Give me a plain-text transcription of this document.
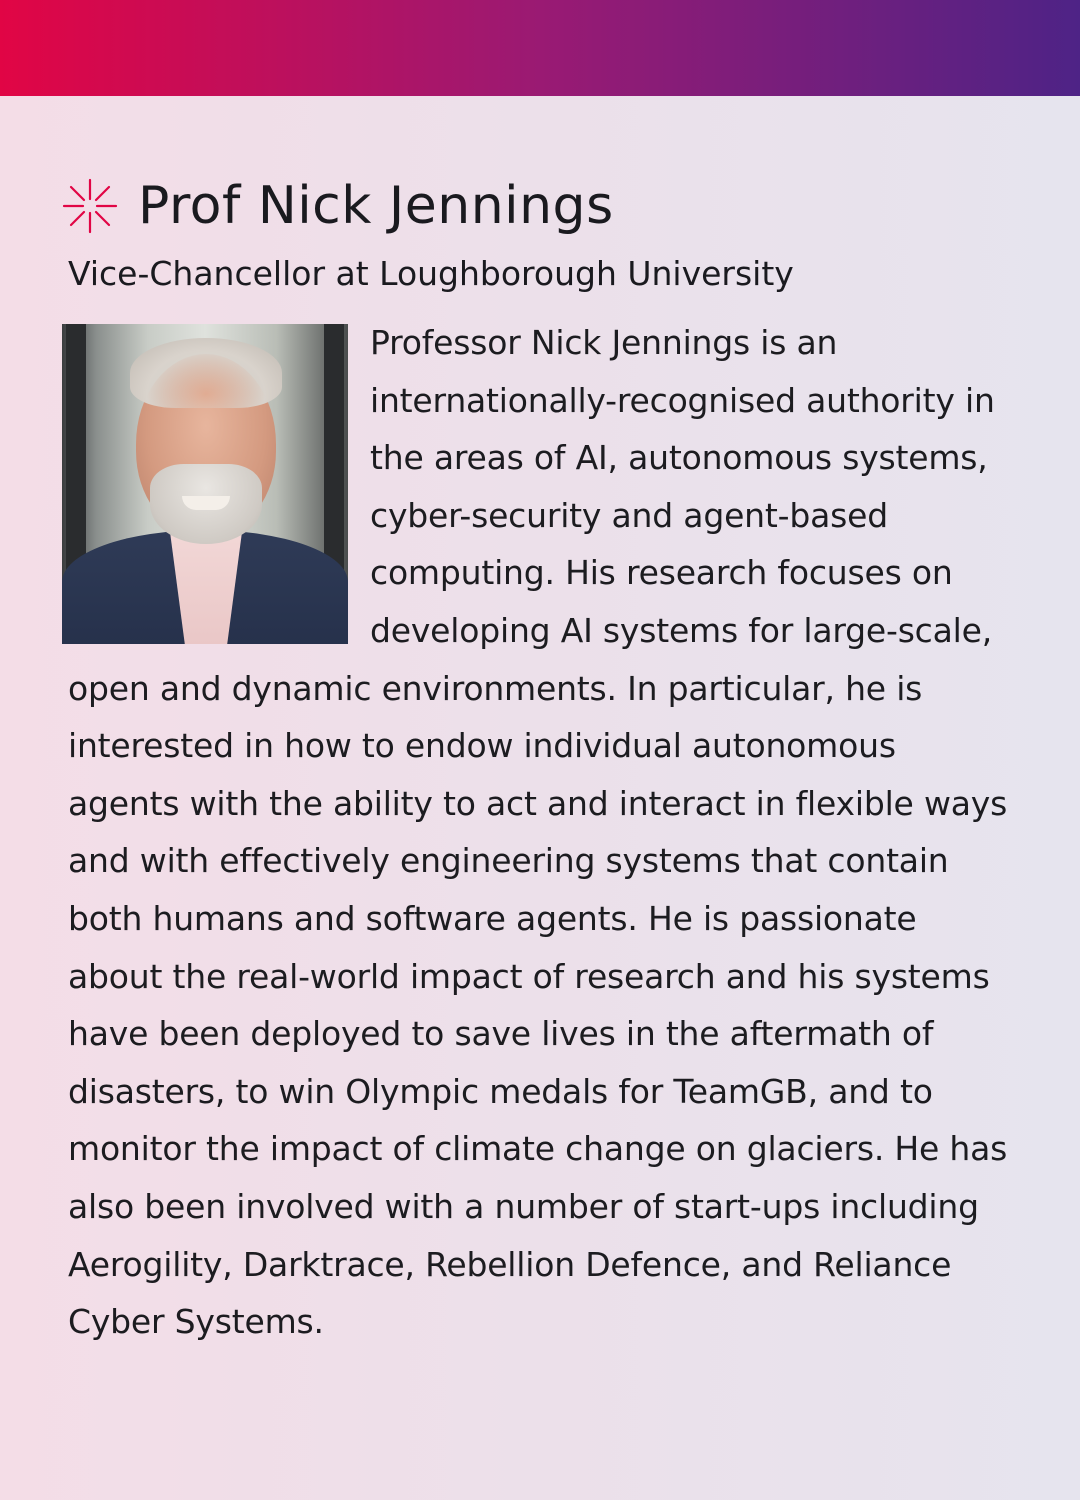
Prof Nick Jennings
Vice-Chancellor at Loughborough University

Professor Nick Jennings is an internationally-recognised authority in the areas of AI, autonomous systems, cyber-security and agent-based computing. His research focuses on developing AI systems for large-scale, open and dynamic environments. In particular, he is interested in how to endow individual autonomous agents with the ability to act and interact in flexible ways and with effectively engineering systems that contain both humans and software agents. He is passionate about the real-world impact of research and his systems have been deployed to save lives in the aftermath of disasters, to win Olympic medals for TeamGB, and to monitor the impact of climate change on glaciers. He has also been involved with a number of start-ups including Aerogility, Darktrace, Rebellion Defence, and Reliance Cyber Systems.
